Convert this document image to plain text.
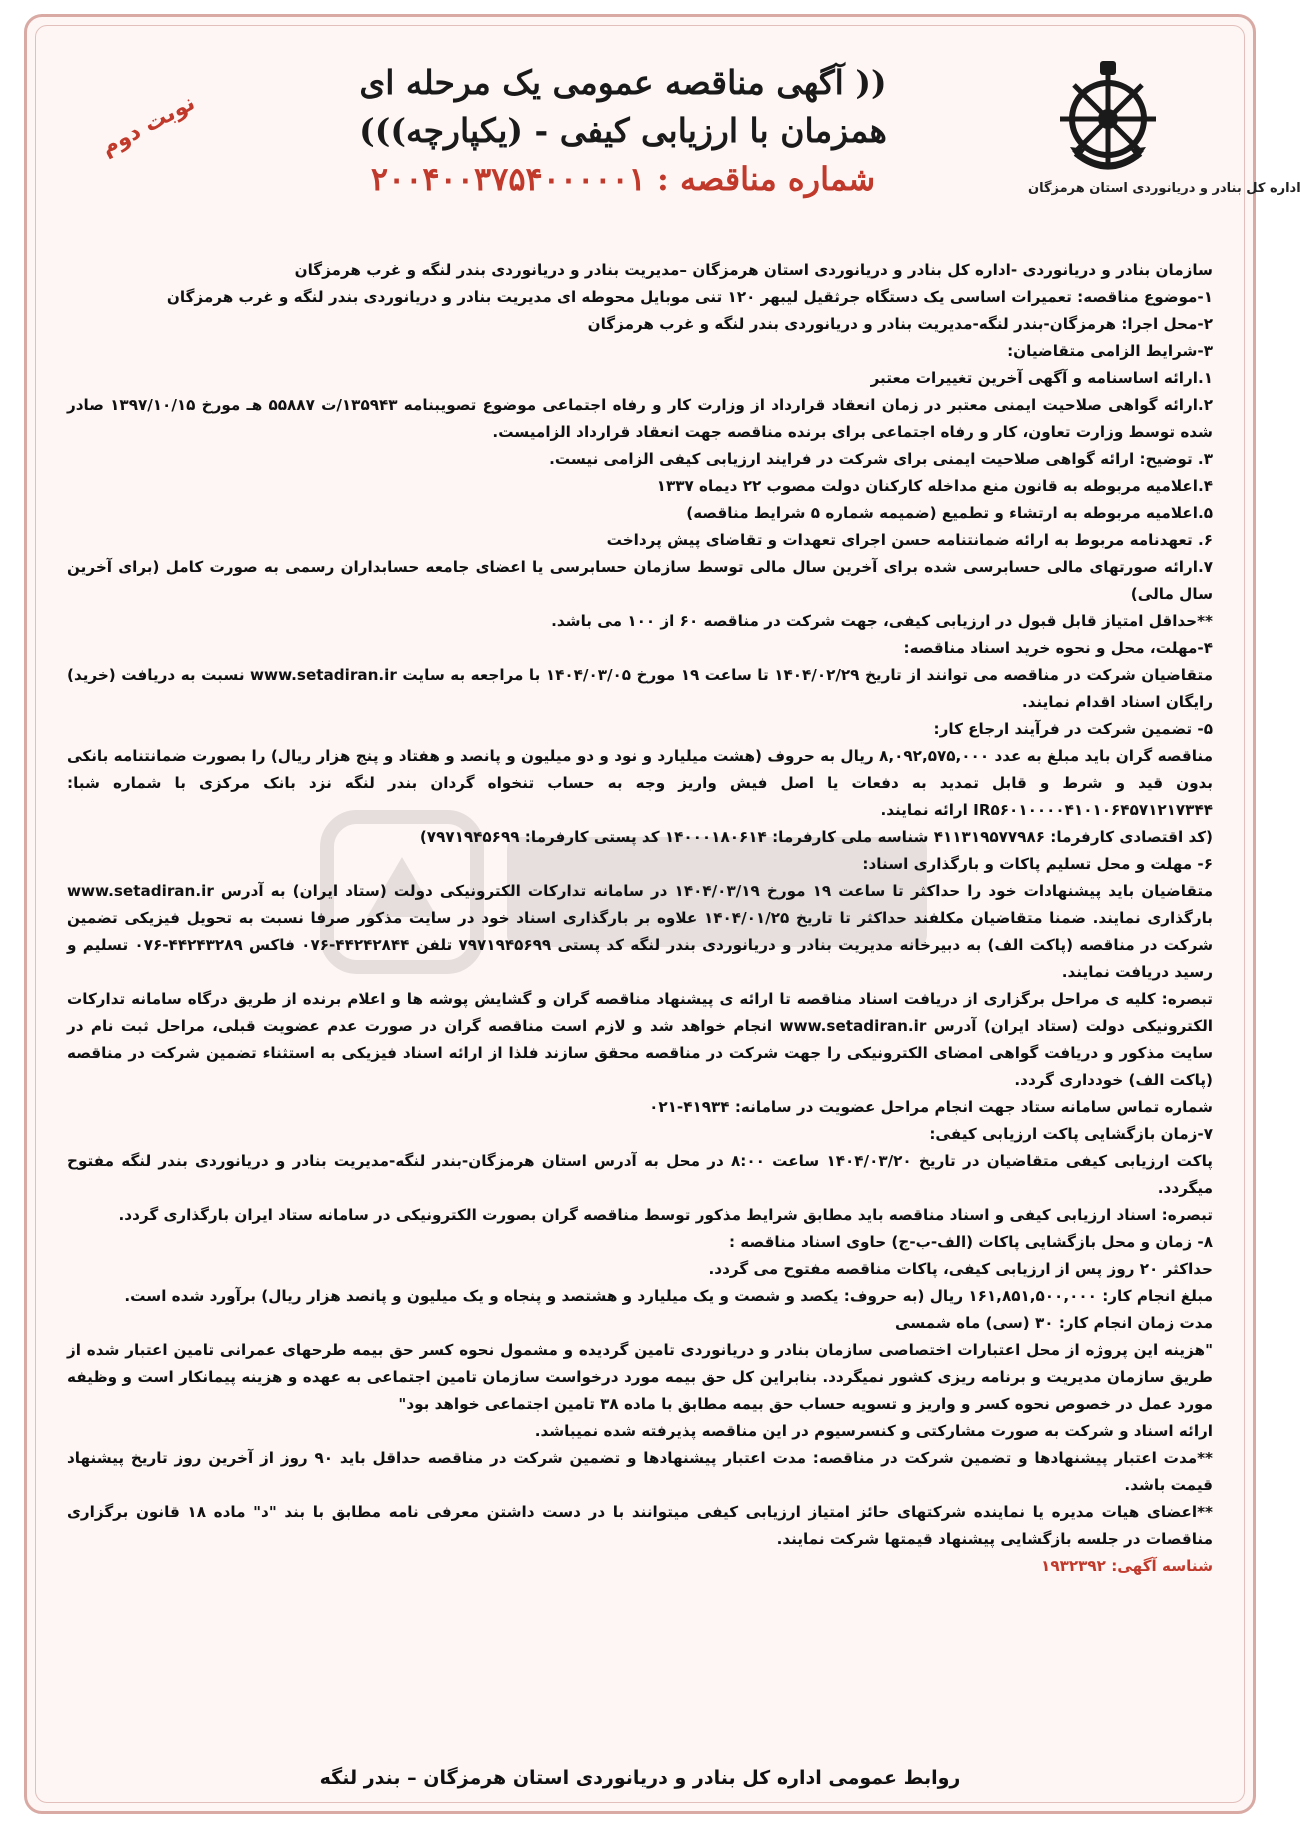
اداره کل بنادر و دریانوردی استان هرمزگان
(( آگهی مناقصه عمومی یک مرحله ای
همزمان با ارزیابی کیفی - (یکپارچه)))
شماره مناقصه : ۲۰۰۴۰۰۳۷۵۴۰۰۰۰۰۱
نوبت دوم

سازمان بنادر و دریانوردی -اداره کل بنادر و دریانوردی استان هرمزگان –مدیریت بنادر و دریانوردی بندر لنگه و غرب هرمزگان

۱-موضوع مناقصه: تعمیرات اساسی یک دستگاه جرثقیل لیبهر ۱۲۰ تنی موبایل محوطه ای مدیریت بنادر و دریانوردی بندر لنگه و غرب هرمزگان

۲-محل اجرا: هرمزگان-بندر لنگه-مدیریت بنادر و دریانوردی بندر لنگه و غرب هرمزگان

۳-شرایط الزامی متقاضیان:

۱.ارائه اساسنامه و آگهی آخرین تغییرات معتبر

۲.ارائه گواهی صلاحیت ایمنی معتبر در زمان انعقاد قرارداد از وزارت کار و رفاه اجتماعی موضوع تصویبنامه ۱۳۵۹۴۳/ت ۵۵۸۸۷ هـ مورخ ۱۳۹۷/۱۰/۱۵ صادر شده توسط وزارت تعاون، کار و رفاه اجتماعی برای برنده مناقصه جهت انعقاد قرارداد الزامیست.

۳. توضیح: ارائه گواهی صلاحیت ایمنی برای شرکت در فرایند ارزیابی کیفی الزامی نیست.

۴.اعلامیه مربوطه به قانون منع مداخله کارکنان دولت مصوب ۲۲ دیماه ۱۳۳۷

۵.اعلامیه مربوطه به ارتشاء و تطمیع (ضمیمه شماره ۵ شرایط مناقصه)

۶. تعهدنامه مربوط به ارائه ضمانتنامه حسن اجرای تعهدات و تقاضای پیش پرداخت

۷.ارائه صورتهای مالی حسابرسی شده برای آخرین سال مالی توسط سازمان حسابرسی یا اعضای جامعه حسابداران رسمی به صورت کامل (برای آخرین سال مالی)

**حداقل امتیاز قابل قبول در ارزیابی کیفی، جهت شرکت در مناقصه ۶۰ از ۱۰۰ می باشد.

۴-مهلت، محل و نحوه خرید اسناد مناقصه:

متقاضیان شرکت در مناقصه می توانند از تاریخ ۱۴۰۴/۰۲/۲۹ تا ساعت ۱۹ مورخ ۱۴۰۴/۰۳/۰۵ با مراجعه به سایت www.setadiran.ir نسبت به دریافت (خرید) رایگان اسناد اقدام نمایند.

۵- تضمین شرکت در فرآیند ارجاع کار:

مناقصه گران باید مبلغ به عدد ۸,۰۹۲,۵۷۵,۰۰۰ ریال به حروف (هشت میلیارد و نود و دو میلیون و پانصد و هفتاد و پنج هزار ریال) را بصورت ضمانتنامه بانکی بدون قید و شرط و قابل تمدید به دفعات یا اصل فیش واریز وجه به حساب تنخواه گردان بندر لنگه نزد بانک مرکزی با شماره شبا: IR۵۶۰۱۰۰۰۰۴۱۰۱۰۶۴۵۷۱۲۱۷۳۴۴ ارائه نمایند.

(کد اقتصادی کارفرما: ۴۱۱۳۱۹۵۷۷۹۸۶ شناسه ملی کارفرما: ۱۴۰۰۰۱۸۰۶۱۴ کد پستی کارفرما: ۷۹۷۱۹۴۵۶۹۹)

۶- مهلت و محل تسلیم پاکات و بارگذاری اسناد:

متقاضیان باید پیشنهادات خود را حداکثر تا ساعت ۱۹ مورخ ۱۴۰۴/۰۳/۱۹ در سامانه تدارکات الکترونیکی دولت (ستاد ایران) به آدرس www.setadiran.ir بارگذاری نمایند. ضمنا متقاضیان مکلفند حداکثر تا تاریخ ۱۴۰۴/۰۱/۲۵ علاوه بر بارگذاری اسناد خود در سایت مذکور صرفا نسبت به تحویل فیزیکی تضمین شرکت در مناقصه (پاکت الف) به دبیرخانه مدیریت بنادر و دریانوردی بندر لنگه کد پستی ۷۹۷۱۹۴۵۶۹۹ تلفن ۴۴۲۴۲۸۴۴-۰۷۶ فاکس ۴۴۲۴۳۲۸۹-۰۷۶ تسلیم و رسید دریافت نمایند.

تبصره: کلیه ی مراحل برگزاری از دریافت اسناد مناقصه تا ارائه ی پیشنهاد مناقصه گران و گشایش پوشه ها و اعلام برنده از طریق درگاه سامانه تدارکات الکترونیکی دولت (ستاد ایران) آدرس www.setadiran.ir انجام خواهد شد و لازم است مناقصه گران در صورت عدم عضویت قبلی، مراحل ثبت نام در سایت مذکور و دریافت گواهی امضای الکترونیکی را جهت شرکت در مناقصه محقق سازند فلذا از ارائه اسناد فیزیکی به استثناء تضمین شرکت در مناقصه (پاکت الف) خودداری گردد.

شماره تماس سامانه ستاد جهت انجام مراحل عضویت در سامانه: ۴۱۹۳۴-۰۲۱

۷-زمان بازگشایی پاکت ارزیابی کیفی:

پاکت ارزیابی کیفی متقاضیان در تاریخ ۱۴۰۴/۰۳/۲۰ ساعت ۸:۰۰ در محل به آدرس استان هرمزگان-بندر لنگه-مدیریت بنادر و دریانوردی بندر لنگه مفتوح میگردد.

تبصره: اسناد ارزیابی کیفی و اسناد مناقصه باید مطابق شرایط مذکور توسط مناقصه گران بصورت الکترونیکی در سامانه ستاد ایران بارگذاری گردد.

۸- زمان و محل بازگشایی پاکات (الف-ب-ج) حاوی اسناد مناقصه :

حداکثر ۲۰ روز پس از ارزیابی کیفی، پاکات مناقصه مفتوح می گردد.

مبلغ انجام کار: ۱۶۱,۸۵۱,۵۰۰,۰۰۰ ریال (به حروف: یکصد و شصت و یک میلیارد و هشتصد و پنجاه و یک میلیون و پانصد هزار ریال) برآورد شده است.

مدت زمان انجام کار: ۳۰ (سی) ماه شمسی

"هزینه این پروژه از محل اعتبارات اختصاصی سازمان بنادر و دریانوردی تامین گردیده و مشمول نحوه کسر حق بیمه طرحهای عمرانی تامین اعتبار شده از طریق سازمان مدیریت و برنامه ریزی کشور نمیگردد. بنابراین کل حق بیمه مورد درخواست سازمان تامین اجتماعی به عهده و هزینه پیمانکار است و وظیفه مورد عمل در خصوص نحوه کسر و واریز و تسویه حساب حق بیمه مطابق با ماده ۳۸ تامین اجتماعی خواهد بود"

ارائه اسناد و شرکت به صورت مشارکتی و کنسرسیوم در این مناقصه پذیرفته شده نمیباشد.

**مدت اعتبار پیشنهادها و تضمین شرکت در مناقصه: مدت اعتبار پیشنهادها و تضمین شرکت در مناقصه حداقل باید ۹۰ روز از آخرین روز تاریخ پیشنهاد قیمت باشد.

**اعضای هیات مدیره یا نماینده شرکتهای حائز امتیاز ارزیابی کیفی میتوانند با در دست داشتن معرفی نامه مطابق با بند "د" ماده ۱۸ قانون برگزاری مناقصات در جلسه بازگشایی پیشنهاد قیمتها شرکت نمایند.

شناسه آگهی: ۱۹۳۲۳۹۲

روابط عمومی اداره کل بنادر و دریانوردی استان هرمزگان – بندر لنگه
